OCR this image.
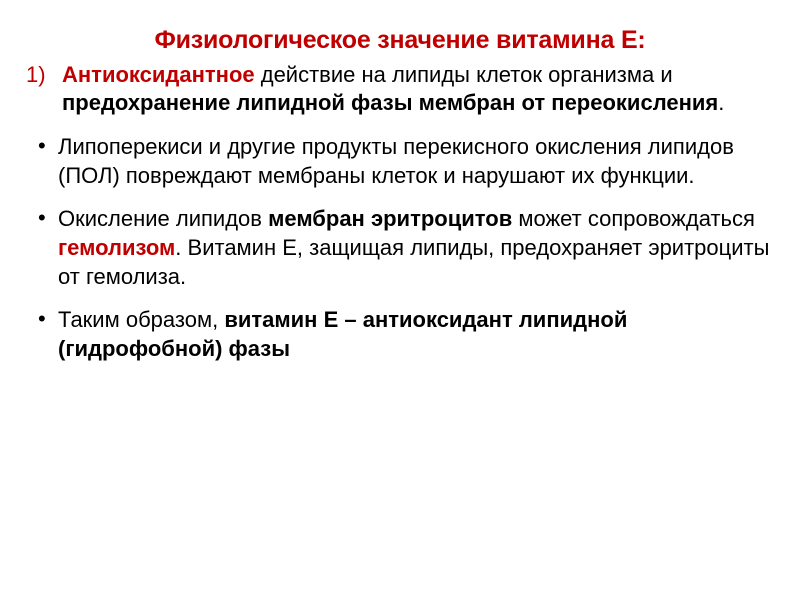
Физиологическое значение витамина Е:
1) Антиоксидантное действие на липиды клеток организма и предохранение липидной фазы мембран от переокисления.
• Липоперекиси и другие продукты перекисного окисления липидов (ПОЛ) повреждают мембраны клеток и нарушают их функции.
• Окисление липидов мембран эритроцитов может сопровождаться гемолизом. Витамин Е, защищая липиды, предохраняет эритроциты от гемолиза.
• Таким образом, витамин Е – антиоксидант липидной (гидрофобной) фазы
